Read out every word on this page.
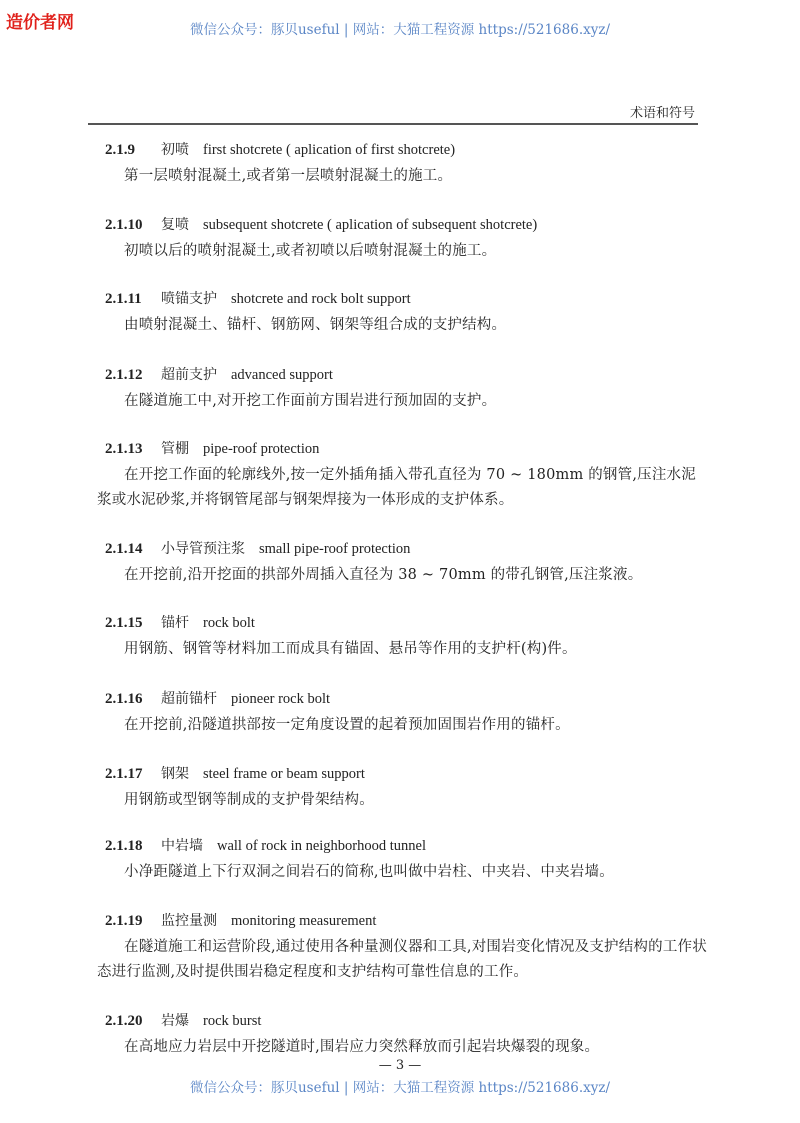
造价者网	微信公众号：豚贝useful | 网站：大猫工程资源 https://521686.xyz/
术语和符号
2.1.9 初喷 first shotcrete ( aplication of first shotcrete)
第一层喷射混凝土,或者第一层喷射混凝土的施工。
2.1.10 复喷 subsequent shotcrete ( aplication of subsequent shotcrete)
初喷以后的喷射混凝土,或者初喷以后喷射混凝土的施工。
2.1.11 喷锚支护 shotcrete and rock bolt support
由喷射混凝土、锚杆、钢筋网、钢架等组合成的支护结构。
2.1.12 超前支护 advanced support
在隧道施工中,对开挖工作面前方围岩进行预加固的支护。
2.1.13 管棚 pipe-roof protection
在开挖工作面的轮廓线外,按一定外插角插入带孔直径为 70 ~ 180mm 的钢管,压注水泥浆或水泥砂浆,并将钢管尾部与钢架焊接为一体形成的支护体系。
2.1.14 小导管预注浆 small pipe-roof protection
在开挖前,沿开挖面的拱部外周插入直径为 38 ~ 70mm 的带孔钢管,压注浆液。
2.1.15 锚杆 rock bolt
用钢筋、钢管等材料加工而成具有锚固、悬吊等作用的支护杆(构)件。
2.1.16 超前锚杆 pioneer rock bolt
在开挖前,沿隧道拱部按一定角度设置的起着预加固围岩作用的锚杆。
2.1.17 钢架 steel frame or beam support
用钢筋或型钢等制成的支护骨架结构。
2.1.18 中岩墙 wall of rock in neighborhood tunnel
小净距隧道上下行双洞之间岩石的简称,也叫做中岩柱、中夹岩、中夹岩墙。
2.1.19 监控量测 monitoring measurement
在隧道施工和运营阶段,通过使用各种量测仪器和工具,对围岩变化情况及支护结构的工作状态进行监测,及时提供围岩稳定程度和支护结构可靠性信息的工作。
2.1.20 岩爆 rock burst
在高地应力岩层中开挖隧道时,围岩应力突然释放而引起岩块爆裂的现象。
— 3 —
微信公众号：豚贝useful | 网站：大猫工程资源 https://521686.xyz/
